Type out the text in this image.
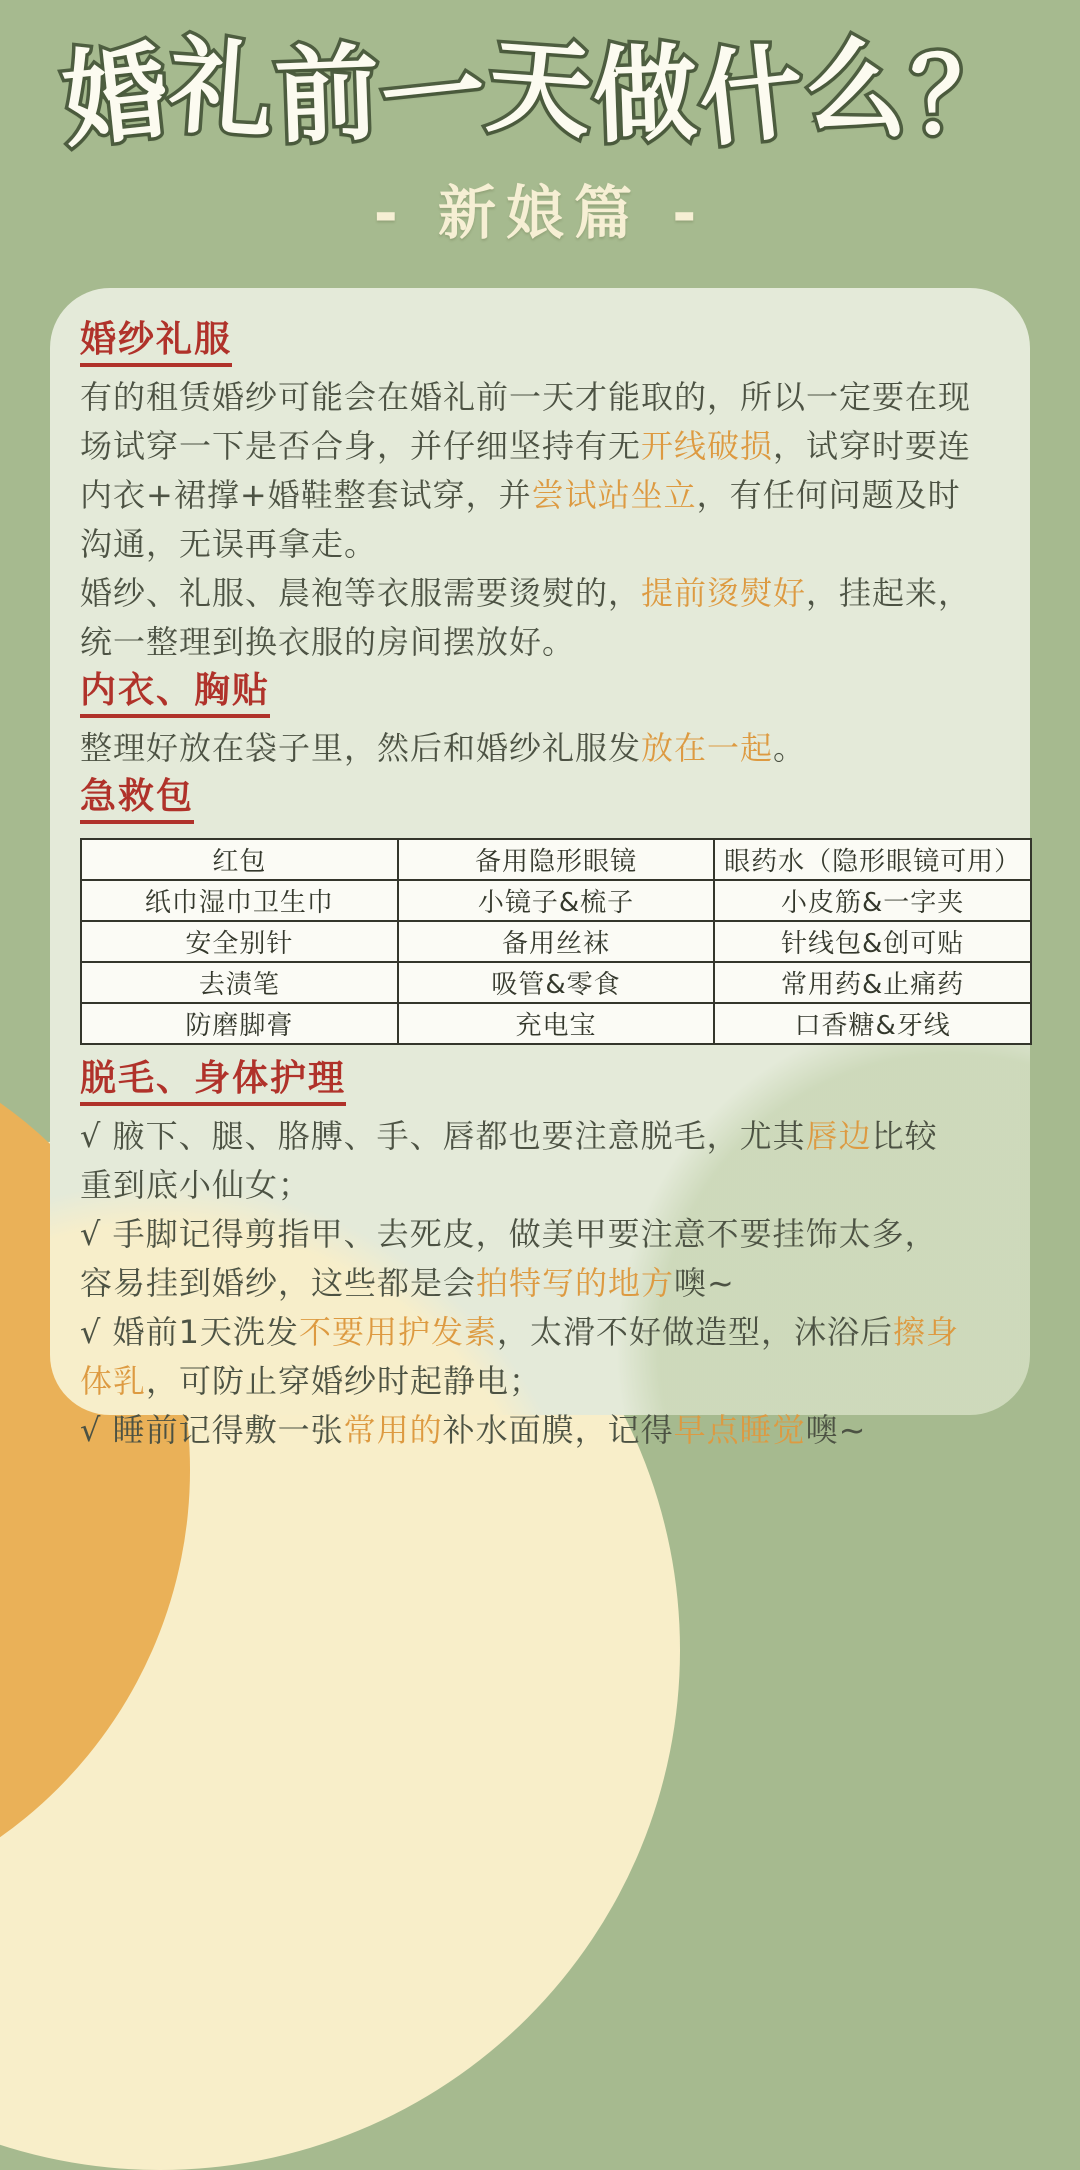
婚礼前一天做什么？
- 新娘篇 -
婚纱礼服

有的租赁婚纱可能会在婚礼前一天才能取的，所以一定要在现
场试穿一下是否合身，并仔细坚持有无开线破损，试穿时要连
内衣+裙撑+婚鞋整套试穿，并尝试站坐立，有任何问题及时
沟通，无误再拿走。

婚纱、礼服、晨袍等衣服需要烫熨的，提前烫熨好，挂起来，
统一整理到换衣服的房间摆放好。

内衣、胸贴

整理好放在袋子里，然后和婚纱礼服发放在一起。

急救包
红包	备用隐形眼镜	眼药水（隐形眼镜可用）
纸巾湿巾卫生巾	小镜子&梳子	小皮筋&一字夹
安全别针	备用丝袜	针线包&创可贴
去渍笔	吸管&零食	常用药&止痛药
防磨脚膏	充电宝	口香糖&牙线
脱毛、身体护理

√ 腋下、腿、胳膊、手、唇都也要注意脱毛，尤其唇边比较
重到底小仙女；

√ 手脚记得剪指甲、去死皮，做美甲要注意不要挂饰太多，
容易挂到婚纱，这些都是会拍特写的地方噢~

√ 婚前1天洗发不要用护发素，太滑不好做造型，沐浴后擦身
体乳，可防止穿婚纱时起静电；

√ 睡前记得敷一张常用的补水面膜，记得早点睡觉噢~
